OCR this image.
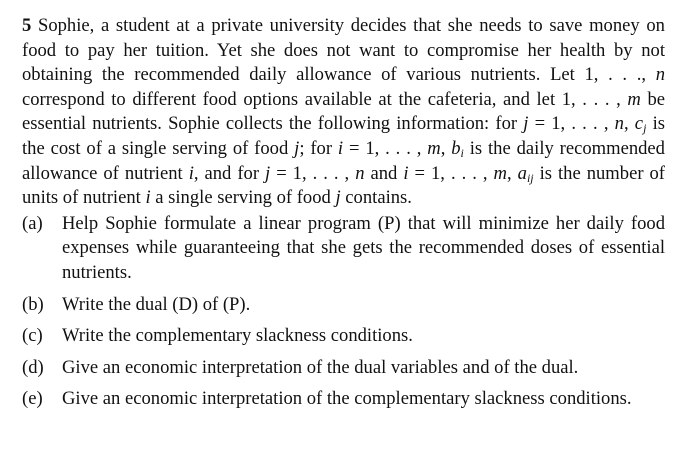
5 Sophie, a student at a private university decides that she needs to save money on food to pay her tuition. Yet she does not want to compromise her health by not obtaining the recommended daily allowance of various nutrients. Let 1, . . ., n correspond to different food options available at the cafeteria, and let 1, . . . , m be essential nutrients. Sophie collects the following information: for j = 1, . . . , n, $c_j$ is the cost of a single serving of food j; for i = 1, . . . , m, $b_i$ is the daily recommended allowance of nutrient i, and for j = 1, . . . , n and i = 1, . . . , m, $a_{ij}$ is the number of units of nutrient i a single serving of food j contains.

(a)	Help Sophie formulate a linear program (P) that will minimize her daily food expenses while guaranteeing that she gets the recommended doses of essential nutrients.
(b) Write the dual (D) of (P).
(c)	Write the complementary slackness conditions.
(d) Give an economic interpretation of the dual variables and of the dual.
(e)	Give an economic interpretation of the complementary slackness conditions.
